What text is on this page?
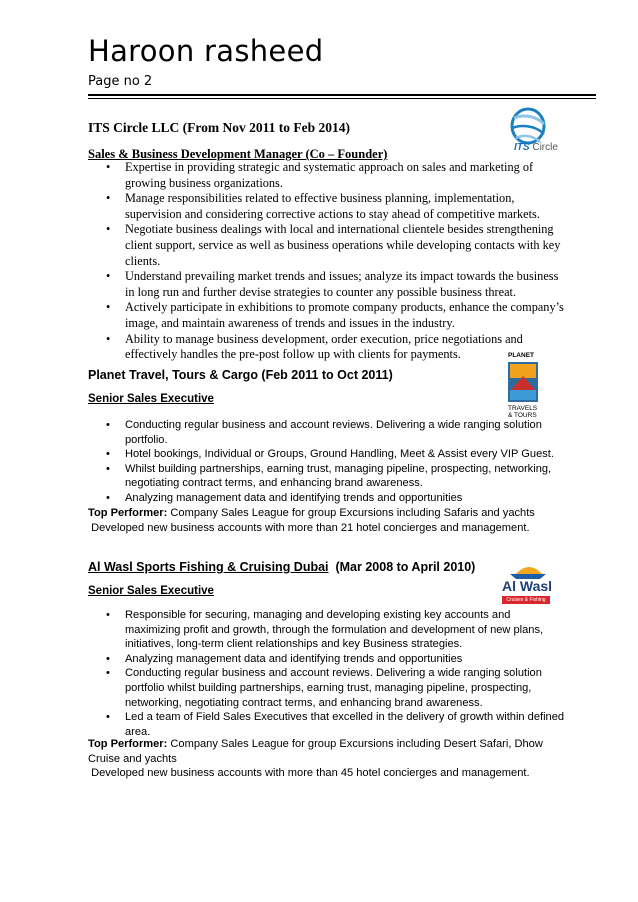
Haroon rasheed
Page no 2
ITS Circle LLC (From Nov 2011 to Feb 2014)
Sales & Business Development Manager (Co – Founder)	ITS Circle
• Expertise in providing strategic and systematic approach on sales and marketing of growing business organizations.
• Manage responsibilities related to effective business planning, implementation, supervision and considering corrective actions to stay ahead of competitive markets.
• Negotiate business dealings with local and international clientele besides strengthening client support, service as well as business operations while developing contacts with key clients.
• Understand prevailing market trends and issues; analyze its impact towards the business in long run and further devise strategies to counter any possible business threat.
• Actively participate in exhibitions to promote company products, enhance the company’s image, and maintain awareness of trends and issues in the industry.
• Ability to manage business development, order execution, price negotiations and effectively handles the pre-post follow up with clients for payments.
Planet Travel, Tours & Cargo (Feb 2011 to Oct 2011)
Senior Sales Executive
PLANET
TRAVELS
& TOURS
• Conducting regular business and account reviews. Delivering a wide ranging solution portfolio.
• Hotel bookings, Individual or Groups, Ground Handling, Meet & Assist every VIP Guest.
• Whilst building partnerships, earning trust, managing pipeline, prospecting, networking, negotiating contract terms, and enhancing brand awareness.
• Analyzing management data and identifying trends and opportunities
Top Performer: Company Sales League for group Excursions including Safaris and yachts
Developed new business accounts with more than 21 hotel concierges and management.
Al Wasl Sports Fishing & Cruising Dubai  (Mar 2008 to April 2010)
Senior Sales Executive	Al Wasl
Cruises & Fishing
• Responsible for securing, managing and developing existing key accounts and maximizing profit and growth, through the formulation and development of new plans, initiatives, long-term client relationships and key Business strategies.
• Analyzing management data and identifying trends and opportunities
• Conducting regular business and account reviews. Delivering a wide ranging solution portfolio whilst building partnerships, earning trust, managing pipeline, prospecting, networking, negotiating contract terms, and enhancing brand awareness.
• Led a team of Field Sales Executives that excelled in the delivery of growth within defined area.
Top Performer: Company Sales League for group Excursions including Desert Safari, Dhow Cruise and yachts
Developed new business accounts with more than 45 hotel concierges and management.
